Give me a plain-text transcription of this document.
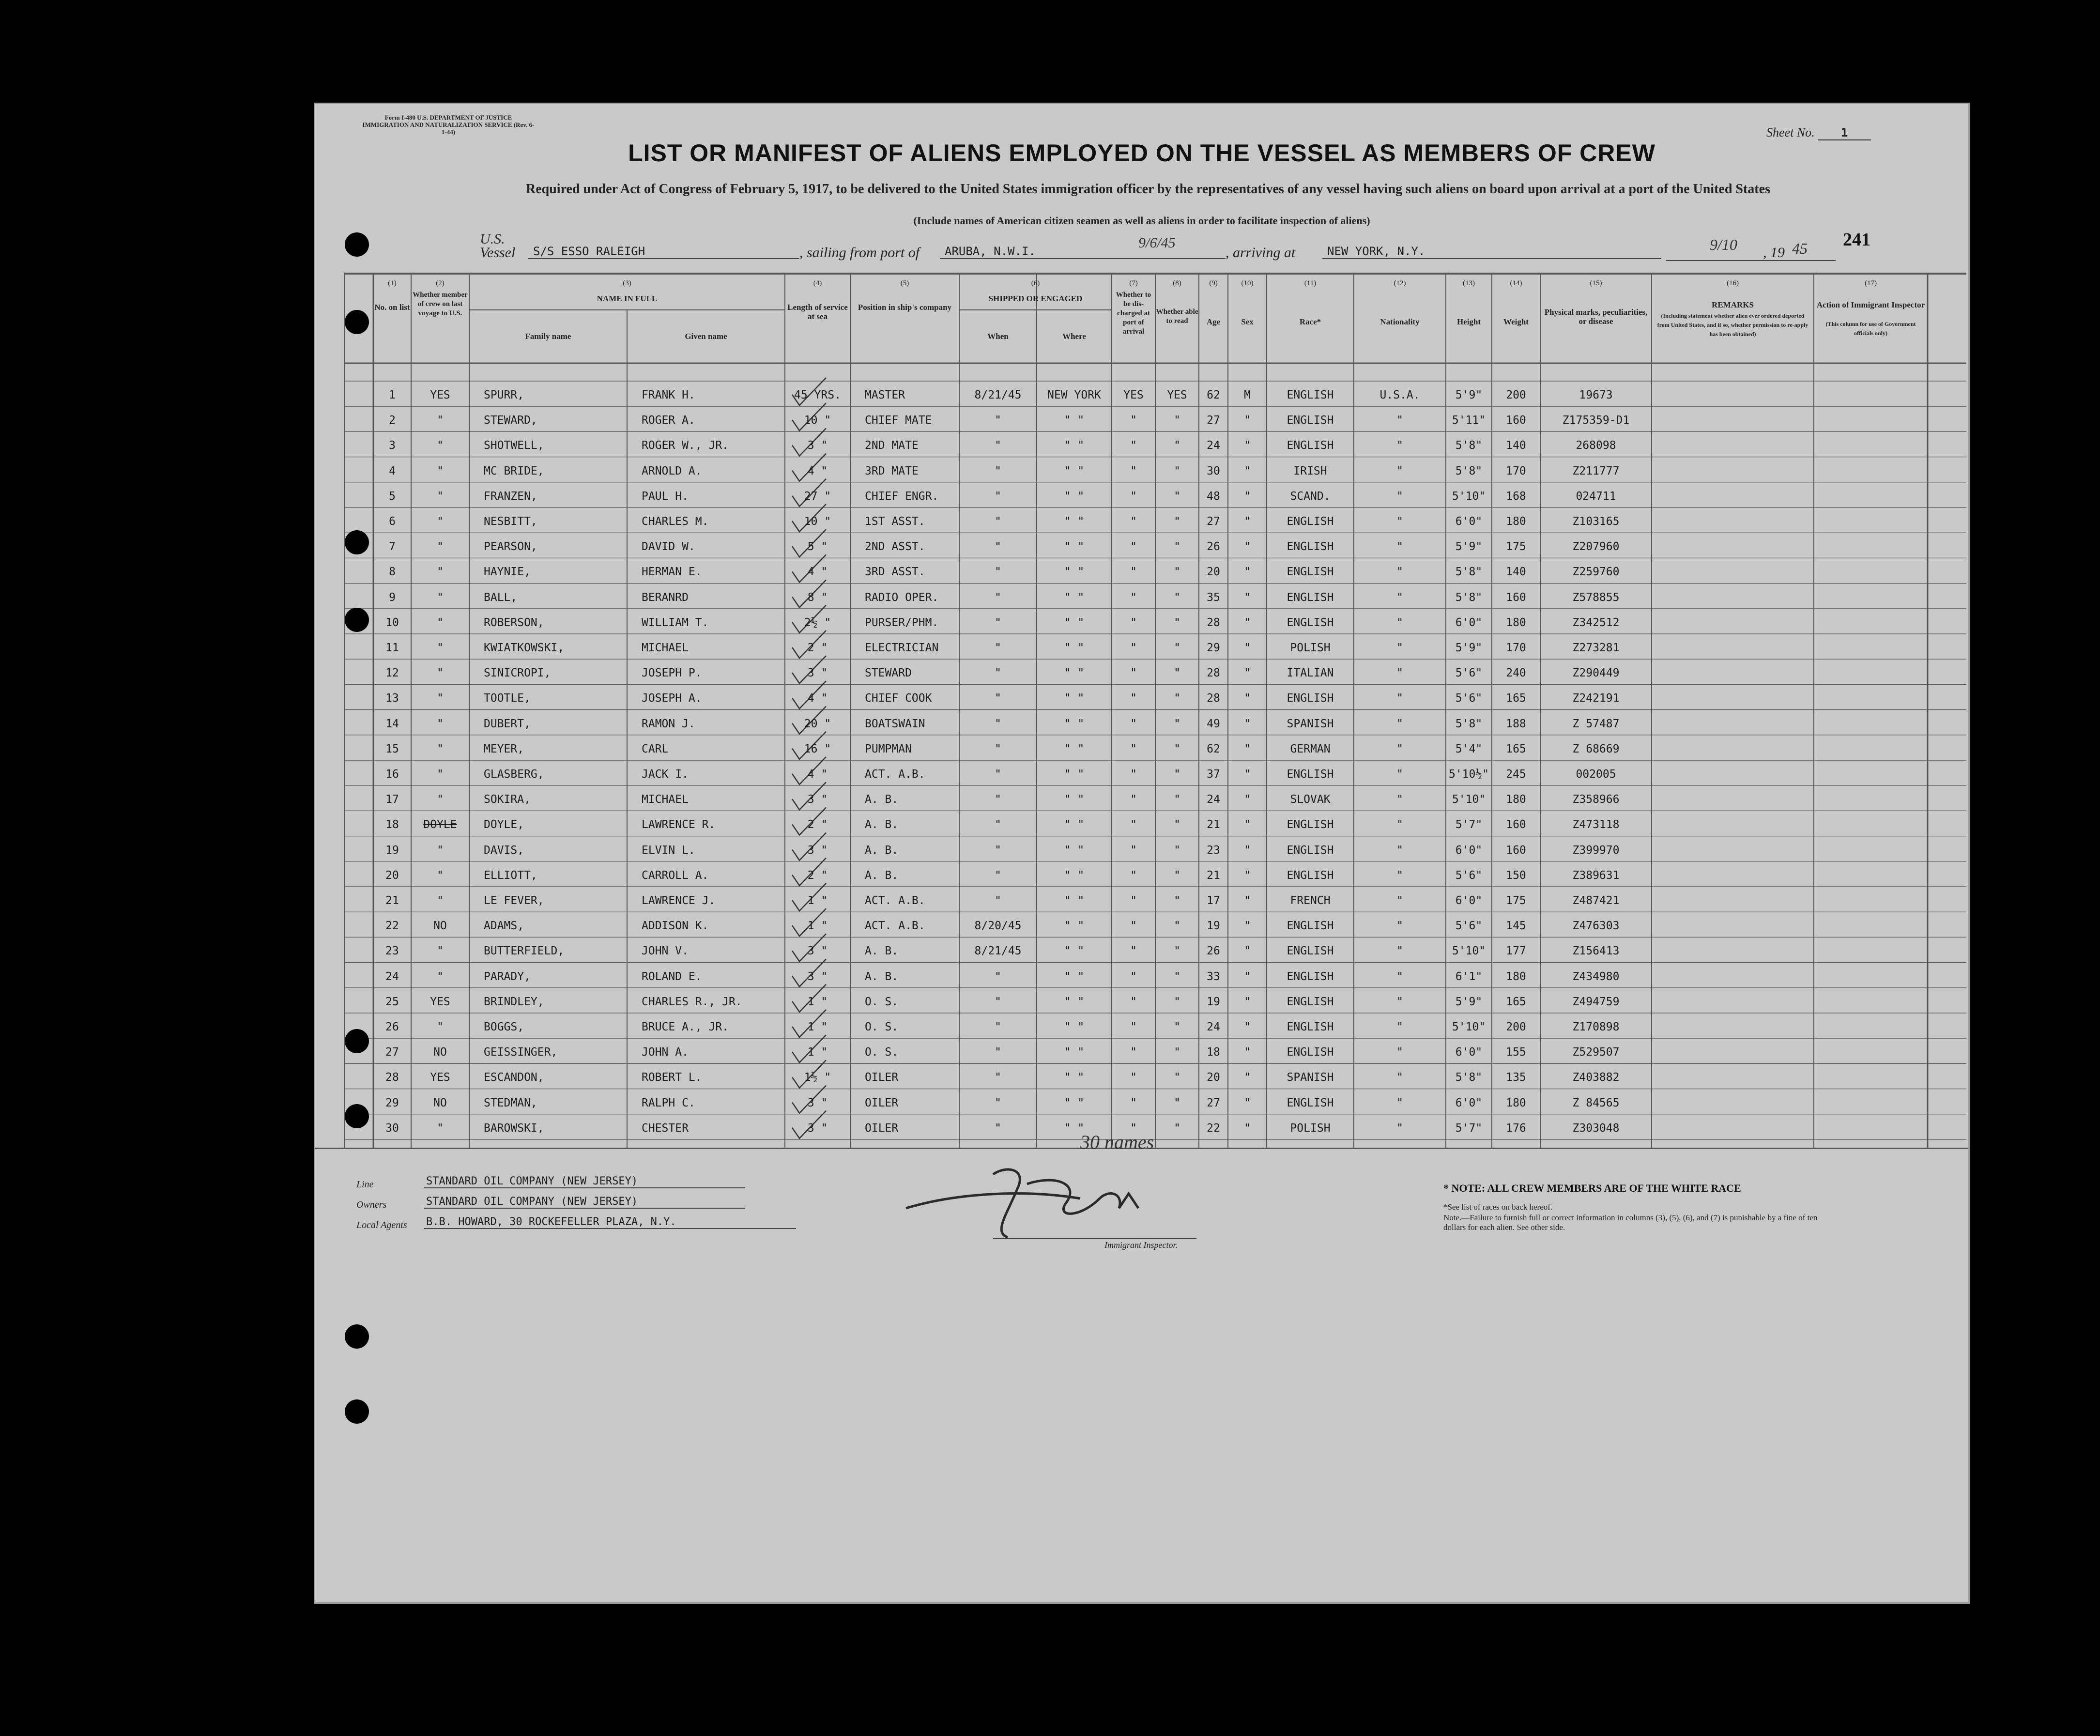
Form I-480 U.S. DEPARTMENT OF JUSTICE IMMIGRATION AND NATURALIZATION SERVICE (Rev. 6-1-44)
LIST OR MANIFEST OF ALIENS EMPLOYED ON THE VESSEL AS MEMBERS OF CREW
Sheet No. 1
Required under Act of Congress of February 5, 1917, to be delivered to the United States immigration officer by the representatives of any vessel having such aliens on board upon arrival at a port of the United States
(Include names of American citizen seamen as well as aliens in order to facilitate inspection of aliens)
241
U.S.
Vessel	S/S ESSO RALEIGH	, sailing from port of	ARUBA, N.W.I.
9/6/45
, arriving at	NEW YORK, N.Y.	9/10 , 19 45
(1)	(2)	(3)	(4)	(5)	(6)	(7)	(8)	(9)	(10)	(11)	(12)	(13)	(14)	(15)	(16)	(17)
No. on list
Whether member of crew on last voyage to U.S.
NAME IN FULL
Family name	Given name
Length of service at sea
Position in ship's company
SHIPPED OR ENGAGED
When	Where
Whether to be dis-charged at port of arrival
Whether able to read	Age	Sex	Race*	Nationality	Height	Weight
Physical marks, peculiarities, or disease
REMARKS
(Including statement whether alien ever ordered deported from United States, and if so, whether permission to re-apply has been obtained)
Action of Immigrant Inspector
(This column for use of Government officials only)
1	YES	SPURR,	FRANK H.	45 YRS.	MASTER	8/21/45	NEW YORK	YES	YES	62	M	ENGLISH	U.S.A.	5'9"	200	19673
2	"	STEWARD,	ROGER A.	10 "	CHIEF MATE	"	" "	"	"	27	"	ENGLISH	"	5'11"	160	Z175359-D1
3	"	SHOTWELL,	ROGER W., JR.	3 "	2ND MATE	"	" "	"	"	24	"	ENGLISH	"	5'8"	140	268098
4	"	MC BRIDE,	ARNOLD A.	4 "	3RD MATE	"	" "	"	"	30	"	IRISH	"	5'8"	170	Z211777
5	"	FRANZEN,	PAUL H.	27 "	CHIEF ENGR.	"	" "	"	"	48	"	SCAND.	"	5'10"	168	024711
6	"	NESBITT,	CHARLES M.	10 "	1ST ASST.	"	" "	"	"	27	"	ENGLISH	"	6'0"	180	Z103165
7	"	PEARSON,	DAVID W.	5 "	2ND ASST.	"	" "	"	"	26	"	ENGLISH	"	5'9"	175	Z207960
8	"	HAYNIE,	HERMAN E.	4 "	3RD ASST.	"	" "	"	"	20	"	ENGLISH	"	5'8"	140	Z259760
9	"	BALL,	BERANRD	8 "	RADIO OPER.	"	" "	"	"	35	"	ENGLISH	"	5'8"	160	Z578855
10	"	ROBERSON,	WILLIAM T.	2½ "	PURSER/PHM.	"	" "	"	"	28	"	ENGLISH	"	6'0"	180	Z342512
11	"	KWIATKOWSKI,	MICHAEL	2 "	ELECTRICIAN	"	" "	"	"	29	"	POLISH	"	5'9"	170	Z273281
12	"	SINICROPI,	JOSEPH P.	3 "	STEWARD	"	" "	"	"	28	"	ITALIAN	"	5'6"	240	Z290449
13	"	TOOTLE,	JOSEPH A.	4 "	CHIEF COOK	"	" "	"	"	28	"	ENGLISH	"	5'6"	165	Z242191
14	"	DUBERT,	RAMON J.	20 "	BOATSWAIN	"	" "	"	"	49	"	SPANISH	"	5'8"	188	Z 57487
15	"	MEYER,	CARL	16 "	PUMPMAN	"	" "	"	"	62	"	GERMAN	"	5'4"	165	Z 68669
16	"	GLASBERG,	JACK I.	4 "	ACT. A.B.	"	" "	"	"	37	"	ENGLISH	"	5'10½"	245	002005
17	"	SOKIRA,	MICHAEL	3 "	A. B.	"	" "	"	"	24	"	SLOVAK	"	5'10"	180	Z358966
18	DOYLE	DOYLE,	LAWRENCE R.	2 "	A. B.	"	" "	"	"	21	"	ENGLISH	"	5'7"	160	Z473118
19	"	DAVIS,	ELVIN L.	3 "	A. B.	"	" "	"	"	23	"	ENGLISH	"	6'0"	160	Z399970
20	"	ELLIOTT,	CARROLL A.	2 "	A. B.	"	" "	"	"	21	"	ENGLISH	"	5'6"	150	Z389631
21	"	LE FEVER,	LAWRENCE J.	1 "	ACT. A.B.	"	" "	"	"	17	"	FRENCH	"	6'0"	175	Z487421
22	NO	ADAMS,	ADDISON K.	1 "	ACT. A.B.	8/20/45	" "	"	"	19	"	ENGLISH	"	5'6"	145	Z476303
23	"	BUTTERFIELD,	JOHN V.	3 "	A. B.	8/21/45	" "	"	"	26	"	ENGLISH	"	5'10"	177	Z156413
24	"	PARADY,	ROLAND E.	3 "	A. B.	"	" "	"	"	33	"	ENGLISH	"	6'1"	180	Z434980
25	YES	BRINDLEY,	CHARLES R., JR.	1 "	O. S.	"	" "	"	"	19	"	ENGLISH	"	5'9"	165	Z494759
26	"	BOGGS,	BRUCE A., JR.	1 "	O. S.	"	" "	"	"	24	"	ENGLISH	"	5'10"	200	Z170898
27	NO	GEISSINGER,	JOHN A.	1 "	O. S.	"	" "	"	"	18	"	ENGLISH	"	6'0"	155	Z529507
28	YES	ESCANDON,	ROBERT L.	1½ "	OILER	"	" "	"	"	20	"	SPANISH	"	5'8"	135	Z403882
29	NO	STEDMAN,	RALPH C.	3 "	OILER	"	" "	"	"	27	"	ENGLISH	"	6'0"	180	Z 84565
30	"	BAROWSKI,	CHESTER	3 "	OILER	"	" "	"	"	22	"	POLISH	"	5'7"	176	Z303048
30 names
Line	STANDARD OIL COMPANY (NEW JERSEY)
Owners	STANDARD OIL COMPANY (NEW JERSEY)
Local Agents B.B. HOWARD, 30 ROCKEFELLER PLAZA, N.Y.
Immigrant Inspector.
* NOTE: ALL CREW MEMBERS ARE OF THE WHITE RACE
*See list of races on back hereof.
Note.—Failure to furnish full or correct information in columns (3), (5), (6), and (7) is punishable by a fine of ten dollars for each alien. See other side.
